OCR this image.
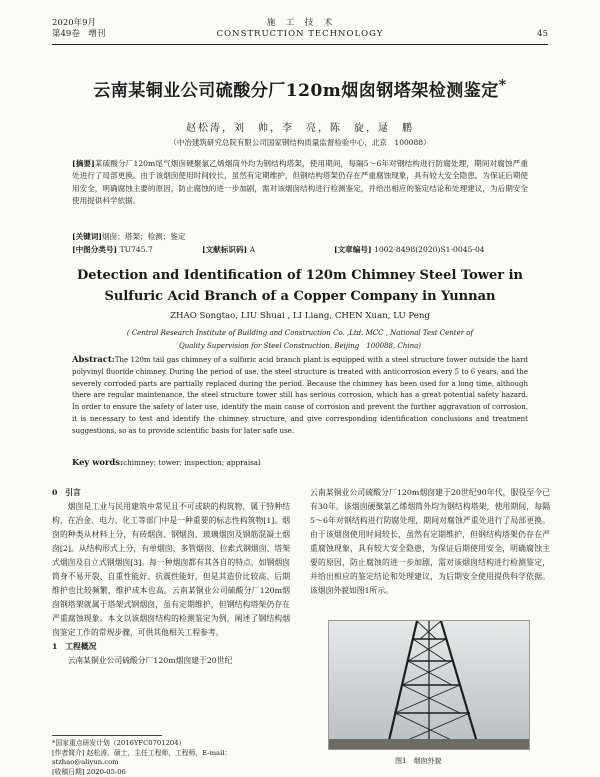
2020年9月
第49卷　增刊
施　工　技　术
CONSTRUCTION TECHNOLOGY	45
云南某铜业公司硫酸分厂120m烟囱钢塔架检测鉴定*
赵松涛，刘　帅，李　亮，陈　旋，逯　鹏
（中冶建筑研究总院有限公司国家钢结构质量监督检验中心，北京　100088）
[摘要]某硫酸分厂120m尾气烟囱硬聚氯乙烯烟筒外均为钢结构塔架，使用期间，每隔5～6年对钢结构进行防腐处理，期间对腐蚀严重处进行了局部更换。由于该烟囱使用时间较长，虽然有定期维护，但钢结构塔架仍存在严重腐蚀现象，具有较大安全隐患。为保证后期使用安全，明确腐蚀主要的原因，防止腐蚀的进一步加剧，需对该烟囱结构进行检测鉴定，并给出相应的鉴定结论和处理建议，为后期安全使用提供科学依据。
[关键词]烟囱；塔架；检测；鉴定
[中图分类号] TU745.7	[文献标识码] A	[文章编号] 1002-8498(2020)S1-0045-04
Detection and Identification of 120m Chimney Steel Tower in
Sulfuric Acid Branch of a Copper Company in Yunnan
ZHAO Songtao, LIU Shuai , LI Liang, CHEN Xuan, LU Peng
( Central Research Institute of Building and Construction Co. ,Ltd. MCC , National Test Center of
Quality Supervision for Steel Construction, Beijing　100088, China)
Abstract:The 120m tail gas chimney of a sulfuric acid branch plant is equipped with a steel structure tower outside the hard polyvinyl fluoride chimney. During the period of use, the steel structure is treated with anticorrosion every 5 to 6 years, and the severely corroded parts are partially replaced during the period. Because the chimney has been used for a long time, although there are regular maintenance, the steel structure tower still has serious corrosion, which has a great potential safety hazard. In order to ensure the safety of later use, identify the main cause of corrosion and prevent the further aggravation of corrosion, it is necessary to test and identify the chimney structure, and give corresponding identification conclusions and treatment suggestions, so as to provide scientific basis for later safe use.
Key words:chimney; tower; inspection; appraisal

0　引言

烟囱是工业与民用建筑中常见且不可或缺的构筑物，属于特种结构，在冶金、电力、化工等部门中是一种重要的标志性构筑物[1]。烟囱的种类从材料上分，有砖烟囱、钢烟囱、玻璃烟囱及钢筋混凝土烟囱[2]。从结构形式上分，有单烟囱、多管烟囱、拉索式钢烟囱、塔架式烟囱及自立式钢烟囱[3]。每一种烟囱都有其各自的特点，如钢烟囱筒身不易开裂、自重性能好、抗震性能好，但是其造价比较高、后期维护也比较频繁，维护成本也高。云南某铜业公司硫酸分厂120m烟囱钢塔架就属于塔架式钢烟囱，虽有定期维护，但钢结构塔架仍存在严重腐蚀现象。本文以该烟囱结构的检测鉴定为例，阐述了钢结构烟囱鉴定工作的常规步骤，可供其他相关工程参考。

1　工程概况

云南某铜业公司硫酸分厂120m烟囱建于20世纪

云南某铜业公司硫酸分厂120m烟囱建于20世纪90年代，服役至今已有30年。该烟囱硬聚氯乙烯烟筒外均为钢结构塔架，使用期间，每隔5～6年对钢结构进行防腐处理，期间对腐蚀严重处进行了局部更换。由于该烟囱使用时间较长，虽然有定期维护，但钢结构塔架仍存在严重腐蚀现象，具有较大安全隐患，为保证后期使用安全，明确腐蚀主要的原因，防止腐蚀的进一步加剧，需对该烟囱结构进行检测鉴定，并给出相应的鉴定结论和处理建议，为后期安全使用提供科学依据。该烟囱外貌如图1所示。

图1　烟囱外貌
*国家重点研发计划（2016YFC0701204）
[作者简介] 赵松涛，硕士，主任工程师，工程师，E-mail：stzhao@aliyun.com
[收稿日期] 2020-05-06
